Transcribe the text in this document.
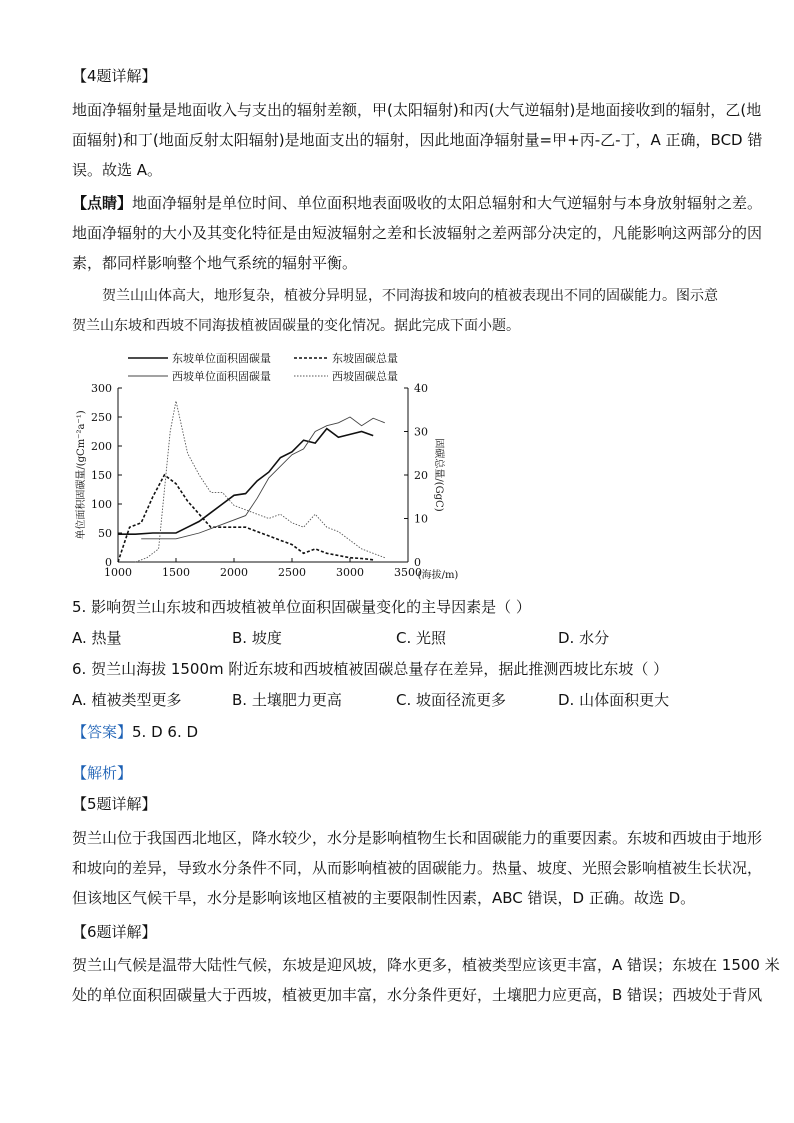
【4题详解】
地面净辐射量是地面收入与支出的辐射差额，甲(太阳辐射)和丙(大气逆辐射)是地面接收到的辐射，乙(地
面辐射)和丁(地面反射太阳辐射)是地面支出的辐射，因此地面净辐射量=甲+丙-乙-丁，A 正确，BCD 错
误。故选 A。
【点睛】地面净辐射是单位时间、单位面积地表面吸收的太阳总辐射和大气逆辐射与本身放射辐射之差。
地面净辐射的大小及其变化特征是由短波辐射之差和长波辐射之差两部分决定的，凡能影响这两部分的因
素，都同样影响整个地气系统的辐射平衡。
贺兰山山体高大，地形复杂，植被分异明显，不同海拔和坡向的植被表现出不同的固碳能力。图示意
贺兰山东坡和西坡不同海拔植被固碳量的变化情况。据此完成下面小题。
1000	1500	2000	2500	3000	3500
(海拔/m)
0
50
100
150
200
250
300
0
10
20
30
40
单位面积固碳量/(gCm⁻²a⁻¹)	固碳总量/(GgC)
东坡单位面积固碳量	东坡固碳总量
西坡单位面积固碳量	西坡固碳总量
5. 影响贺兰山东坡和西坡植被单位面积固碳量变化的主导因素是（ ）
A. 热量	B. 坡度	C. 光照	D. 水分
6. 贺兰山海拔 1500m 附近东坡和西坡植被固碳总量存在差异，据此推测西坡比东坡（ ）
A. 植被类型更多	B. 土壤肥力更高	C. 坡面径流更多	D. 山体面积更大
【答案】5. D 6. D
【解析】
【5题详解】
贺兰山位于我国西北地区，降水较少，水分是影响植物生长和固碳能力的重要因素。东坡和西坡由于地形
和坡向的差异，导致水分条件不同，从而影响植被的固碳能力。热量、坡度、光照会影响植被生长状况，
但该地区气候干旱，水分是影响该地区植被的主要限制性因素，ABC 错误，D 正确。故选 D。
【6题详解】
贺兰山气候是温带大陆性气候，东坡是迎风坡，降水更多，植被类型应该更丰富，A 错误；东坡在 1500 米
处的单位面积固碳量大于西坡，植被更加丰富，水分条件更好，土壤肥力应更高，B 错误；西坡处于背风
